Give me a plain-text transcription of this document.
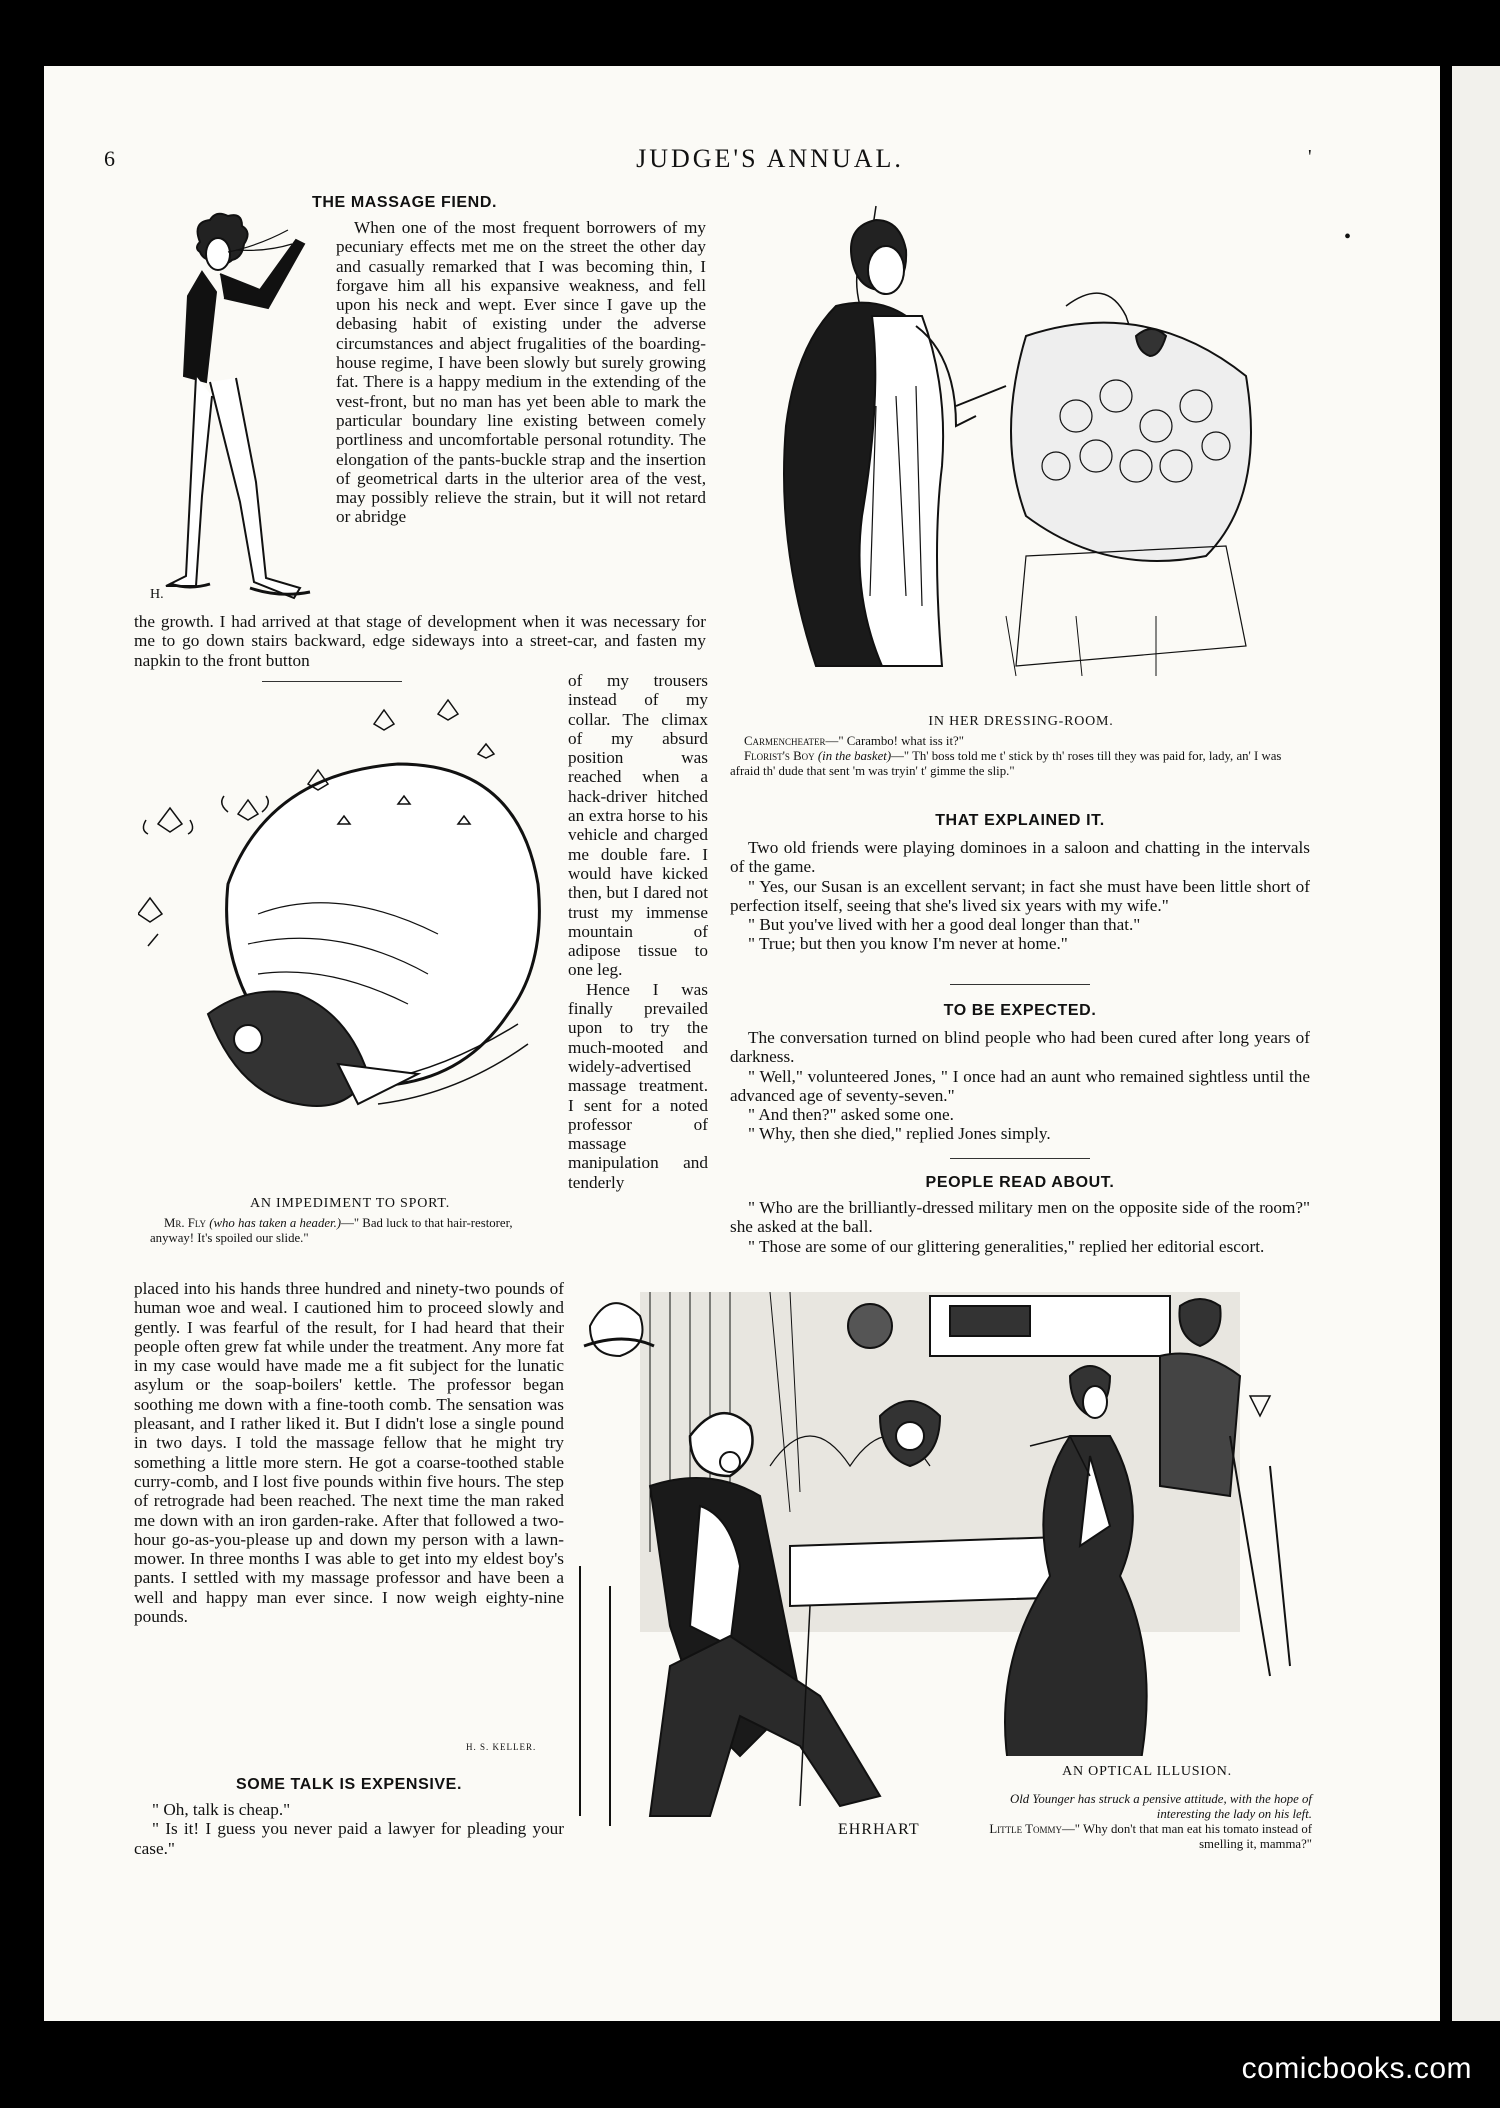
6	JUDGE'S ANNUAL.	'
•
THE MASSAGE FIEND.
H.

When one of the most frequent borrowers of my pecuniary effects met me on the street the other day and casually remarked that I was becoming thin, I forgave him all his expansive weakness, and fell upon his neck and wept. Ever since I gave up the debasing habit of existing under the adverse circumstances and abject frugalities of the boarding-house regime, I have been slowly but surely growing fat. There is a happy medium in the extending of the vest-front, but no man has yet been able to mark the particular boundary line existing between comely portliness and uncomfortable personal rotundity. The elongation of the pants-buckle strap and the insertion of geometrical darts in the ulterior area of the vest, may possibly relieve the strain, but it will not retard or abridge

the growth. I had arrived at that stage of development when it was necessary for me to go down stairs backward, edge sideways into a street-car, and fasten my napkin to the front button

of my trousers instead of my collar. The climax of my absurd position was reached when a hack-driver hitched an extra horse to his vehicle and charged me double fare. I would have kicked then, but I dared not trust my immense mountain of adipose tissue to one leg.

Hence I was finally prevailed upon to try the much-mooted and widely-advertised massage treatment. I sent for a noted professor of massage manipulation and tenderly

AN IMPEDIMENT TO SPORT.

Mr. Fly (who has taken a header.)—" Bad luck to that hair-restorer, anyway! It's spoiled our slide."

placed into his hands three hundred and ninety-two pounds of human woe and weal. I cautioned him to proceed slowly and gently. I was fearful of the result, for I had heard that their people often grew fat while under the treatment. Any more fat in my case would have made me a fit subject for the lunatic asylum or the soap-boilers' kettle. The professor began soothing me down with a fine-tooth comb. The sensation was pleasant, and I rather liked it. But I didn't lose a single pound in two days. I told the massage fellow that he might try something a little more stern. He got a coarse-toothed stable curry-comb, and I lost five pounds within five hours. The step of retrograde had been reached. The next time the man raked me down with an iron garden-rake. After that followed a two-hour go-as-you-please up and down my person with a lawn-mower. In three months I was able to get into my eldest boy's pants. I settled with my massage professor and have been a well and happy man ever since. I now weigh eighty-nine pounds.

H. S. KELLER.
SOME TALK IS EXPENSIVE.

" Oh, talk is cheap."

" Is it! I guess you never paid a lawyer for pleading your case."

IN HER DRESSING-ROOM.

Carmencheater—" Carambo! what iss it?"

Florist's Boy (in the basket)—" Th' boss told me t' stick by th' roses till they was paid for, lady, an' I was afraid th' dude that sent 'm was tryin' t' gimme the slip."

THAT EXPLAINED IT.

Two old friends were playing dominoes in a saloon and chatting in the intervals of the game.

" Yes, our Susan is an excellent servant; in fact she must have been little short of perfection itself, seeing that she's lived six years with my wife."

" But you've lived with her a good deal longer than that."

" True; but then you know I'm never at home."

TO BE EXPECTED.

The conversation turned on blind people who had been cured after long years of darkness.

" Well," volunteered Jones, " I once had an aunt who remained sightless until the advanced age of seventy-seven."

" And then?" asked some one.

" Why, then she died," replied Jones simply.

PEOPLE READ ABOUT.

" Who are the brilliantly-dressed military men on the opposite side of the room?" she asked at the ball.

" Those are some of our glittering generalities," replied her editorial escort.

EHRHART
AN OPTICAL ILLUSION.

Old Younger has struck a pensive attitude, with the hope of interesting the lady on his left.

Little Tommy—" Why don't that man eat his tomato instead of smelling it, mamma?"

comicbooks.com
